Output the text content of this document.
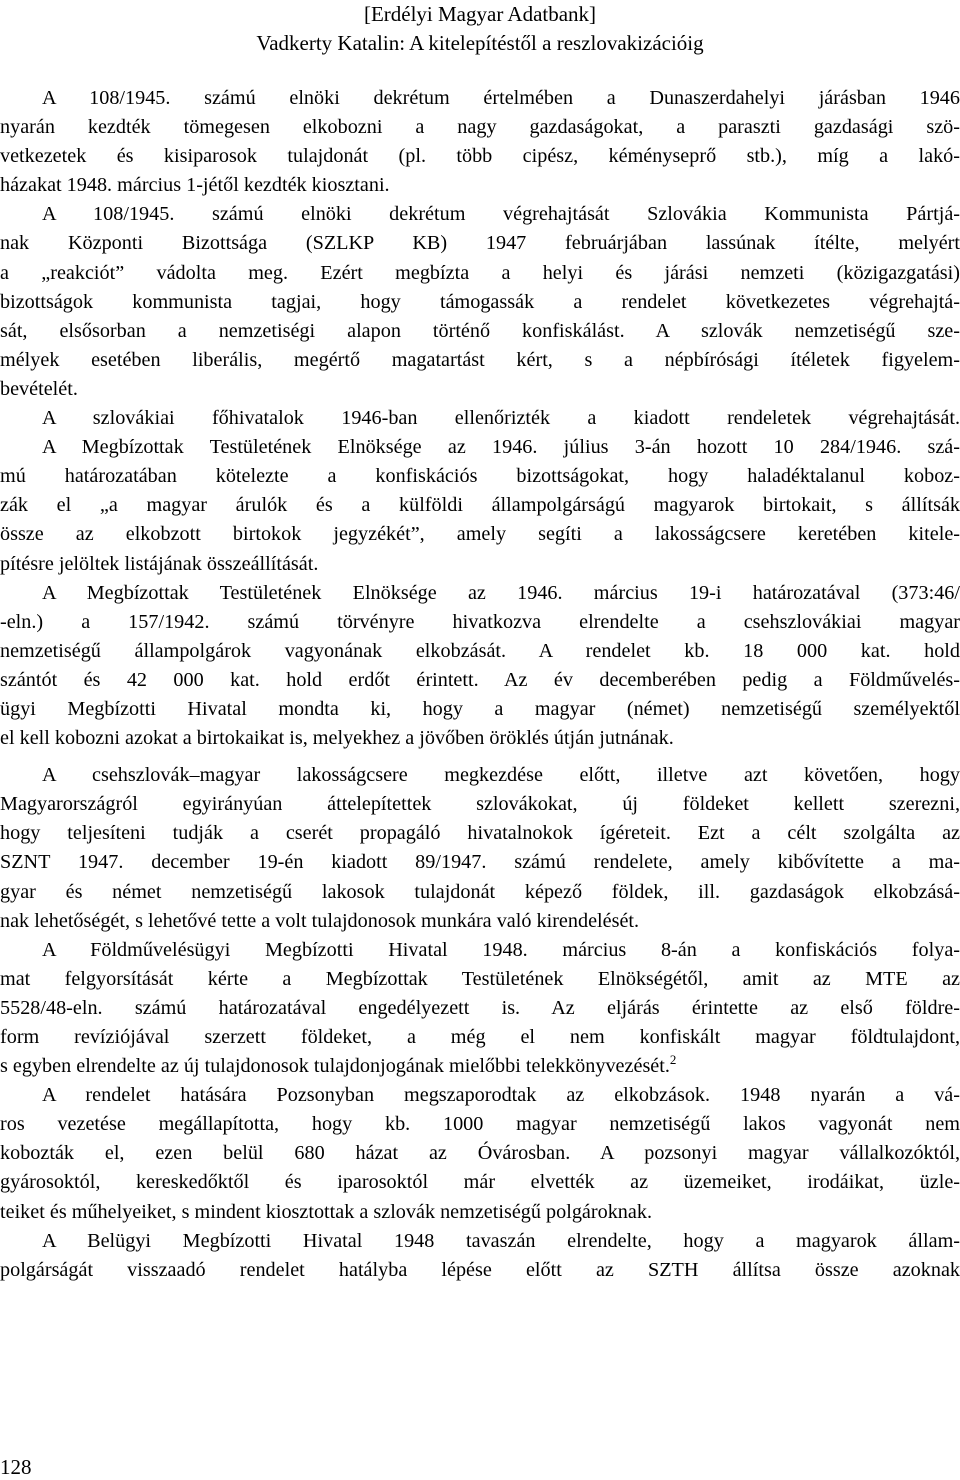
[Erdélyi Magyar Adatbank]
Vadkerty Katalin: A kitelepítéstől a reszlovakizációig
A 108/1945. számú elnöki dekrétum értelmében a Dunaszerdahelyi járásban 1946
nyarán kezdték tömegesen elkobozni a nagy gazdaságokat, a paraszti gazdasági szö-
vetkezetek és kisiparosok tulajdonát (pl. több cipész, kéményseprő stb.), míg a lakó-
házakat 1948. március 1-jétől kezdték kiosztani.
A 108/1945. számú elnöki dekrétum végrehajtását Szlovákia Kommunista Pártjá-
nak Központi Bizottsága (SZLKP KB) 1947 februárjában lassúnak ítélte, melyért
a „reakciót” vádolta meg. Ezért megbízta a helyi és járási nemzeti (közigazgatási)
bizottságok kommunista tagjai, hogy támogassák a rendelet következetes végrehajtá-
sát, elsősorban a nemzetiségi alapon történő konfiskálást. A szlovák nemzetiségű sze-
mélyek esetében liberális, megértő magatartást kért, s a népbírósági ítéletek figyelem-
bevételét.
A szlovákiai főhivatalok 1946-ban ellenőrizték a kiadott rendeletek végrehajtását.
A Megbízottak Testületének Elnöksége az 1946. július 3-án hozott 10 284/1946. szá-
mú határozatában kötelezte a konfiskációs bizottságokat, hogy haladéktalanul koboz-
zák el „a magyar árulók és a külföldi állampolgárságú magyarok birtokait, s állítsák
össze az elkobzott birtokok jegyzékét”, amely segíti a lakosságcsere keretében kitele-
pítésre jelöltek listájának összeállítását.
A Megbízottak Testületének Elnöksége az 1946. március 19-i határozatával (373:46/
-eln.) a 157/1942. számú törvényre hivatkozva elrendelte a csehszlovákiai magyar
nemzetiségű állampolgárok vagyonának elkobzását. A rendelet kb. 18 000 kat. hold
szántót és 42 000 kat. hold erdőt érintett. Az év decemberében pedig a Földművelés-
ügyi Megbízotti Hivatal mondta ki, hogy a magyar (német) nemzetiségű személyektől
el kell kobozni azokat a birtokaikat is, melyekhez a jövőben öröklés útján jutnának.
A csehszlovák–magyar lakosságcsere megkezdése előtt, illetve azt követően, hogy
Magyarországról egyirányúan áttelepítettek szlovákokat, új földeket kellett szerezni,
hogy teljesíteni tudják a cserét propagáló hivatalnokok ígéreteit. Ezt a célt szolgálta az
SZNT 1947. december 19-én kiadott 89/1947. számú rendelete, amely kibővítette a ma-
gyar és német nemzetiségű lakosok tulajdonát képező földek, ill. gazdaságok elkobzásá-
nak lehetőségét, s lehetővé tette a volt tulajdonosok munkára való kirendelését.
A Földművelésügyi Megbízotti Hivatal 1948. március 8-án a konfiskációs folya-
mat felgyorsítását kérte a Megbízottak Testületének Elnökségétől, amit az MTE az
5528/48-eln. számú határozatával engedélyezett is. Az eljárás érintette az első földre-
form revíziójával szerzett földeket, a még el nem konfiskált magyar földtulajdont,
s egyben elrendelte az új tulajdonosok tulajdonjogának mielőbbi telekkönyvezését.$^2$
A rendelet hatására Pozsonyban megszaporodtak az elkobzások. 1948 nyarán a vá-
ros vezetése megállapította, hogy kb. 1000 magyar nemzetiségű lakos vagyonát nem
kobozták el, ezen belül 680 házat az Óvárosban. A pozsonyi magyar vállalkozóktól,
gyárosoktól, kereskedőktől és iparosoktól már elvették az üzemeiket, irodáikat, üzle-
teiket és műhelyeiket, s mindent kiosztottak a szlovák nemzetiségű polgároknak.
A Belügyi Megbízotti Hivatal 1948 tavaszán elrendelte, hogy a magyarok állam-
polgárságát visszaadó rendelet hatályba lépése előtt az SZTH állítsa össze azoknak
128
